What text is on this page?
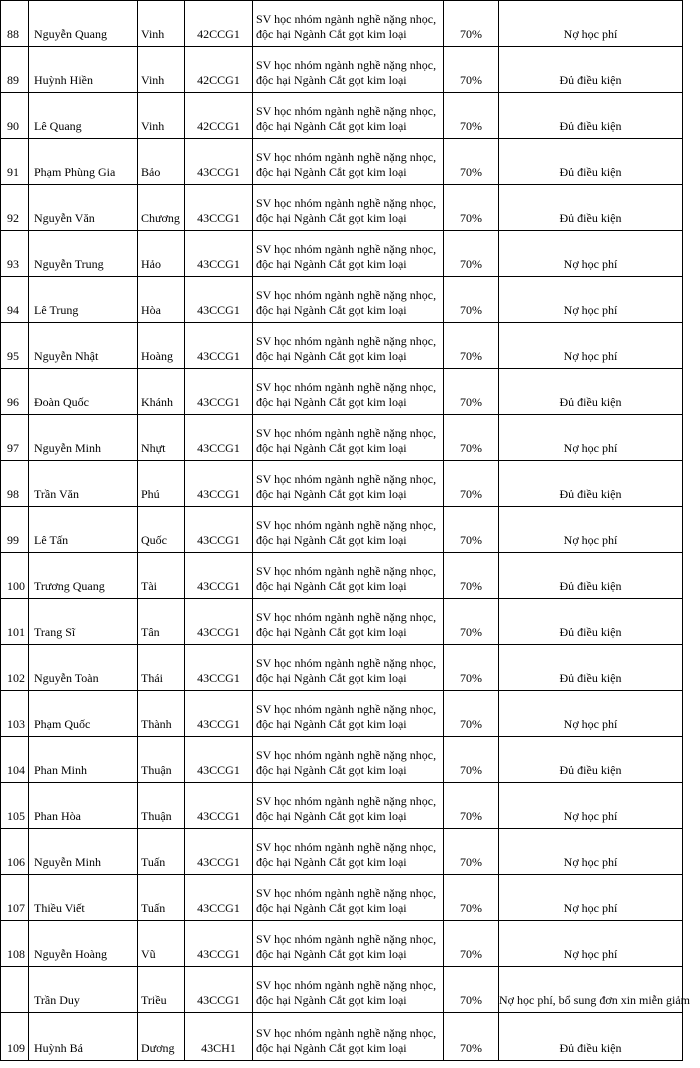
88	Nguyễn Quang	Vinh	42CCG1	SV học nhóm ngành nghề nặng nhọc,
độc hại Ngành Cắt gọt kim loại	70%	Nợ học phí
89	Huỳnh Hiền	Vinh	42CCG1	SV học nhóm ngành nghề nặng nhọc,
độc hại Ngành Cắt gọt kim loại	70%	Đủ điều kiện
90	Lê Quang	Vinh	42CCG1	SV học nhóm ngành nghề nặng nhọc,
độc hại Ngành Cắt gọt kim loại	70%	Đủ điều kiện
91	Phạm Phùng Gia	Bảo	43CCG1	SV học nhóm ngành nghề nặng nhọc,
độc hại Ngành Cắt gọt kim loại	70%	Đủ điều kiện
92	Nguyễn Văn	Chương	43CCG1	SV học nhóm ngành nghề nặng nhọc,
độc hại Ngành Cắt gọt kim loại	70%	Đủ điều kiện
93	Nguyễn Trung	Hảo	43CCG1	SV học nhóm ngành nghề nặng nhọc,
độc hại Ngành Cắt gọt kim loại	70%	Nợ học phí
94	Lê Trung	Hòa	43CCG1	SV học nhóm ngành nghề nặng nhọc,
độc hại Ngành Cắt gọt kim loại	70%	Nợ học phí
95	Nguyễn Nhật	Hoàng	43CCG1	SV học nhóm ngành nghề nặng nhọc,
độc hại Ngành Cắt gọt kim loại	70%	Nợ học phí
96	Đoàn Quốc	Khánh	43CCG1	SV học nhóm ngành nghề nặng nhọc,
độc hại Ngành Cắt gọt kim loại	70%	Đủ điều kiện
97	Nguyễn Minh	Nhựt	43CCG1	SV học nhóm ngành nghề nặng nhọc,
độc hại Ngành Cắt gọt kim loại	70%	Nợ học phí
98	Trần Văn	Phú	43CCG1	SV học nhóm ngành nghề nặng nhọc,
độc hại Ngành Cắt gọt kim loại	70%	Đủ điều kiện
99	Lê Tấn	Quốc	43CCG1	SV học nhóm ngành nghề nặng nhọc,
độc hại Ngành Cắt gọt kim loại	70%	Nợ học phí
100	Trương Quang	Tài	43CCG1	SV học nhóm ngành nghề nặng nhọc,
độc hại Ngành Cắt gọt kim loại	70%	Đủ điều kiện
101	Trang Sĩ	Tân	43CCG1	SV học nhóm ngành nghề nặng nhọc,
độc hại Ngành Cắt gọt kim loại	70%	Đủ điều kiện
102	Nguyễn Toàn	Thái	43CCG1	SV học nhóm ngành nghề nặng nhọc,
độc hại Ngành Cắt gọt kim loại	70%	Đủ điều kiện
103	Phạm Quốc	Thành	43CCG1	SV học nhóm ngành nghề nặng nhọc,
độc hại Ngành Cắt gọt kim loại	70%	Nợ học phí
104	Phan Minh	Thuận	43CCG1	SV học nhóm ngành nghề nặng nhọc,
độc hại Ngành Cắt gọt kim loại	70%	Đủ điều kiện
105	Phan Hòa	Thuận	43CCG1	SV học nhóm ngành nghề nặng nhọc,
độc hại Ngành Cắt gọt kim loại	70%	Nợ học phí
106	Nguyễn Minh	Tuấn	43CCG1	SV học nhóm ngành nghề nặng nhọc,
độc hại Ngành Cắt gọt kim loại	70%	Nợ học phí
107	Thiều Viết	Tuấn	43CCG1	SV học nhóm ngành nghề nặng nhọc,
độc hại Ngành Cắt gọt kim loại	70%	Nợ học phí
108	Nguyễn Hoàng	Vũ	43CCG1	SV học nhóm ngành nghề nặng nhọc,
độc hại Ngành Cắt gọt kim loại	70%	Nợ học phí
	Trần Duy	Triều	43CCG1	SV học nhóm ngành nghề nặng nhọc,
độc hại Ngành Cắt gọt kim loại	70%	Nợ học phí, bổ sung đơn xin miễn giảm
109	Huỳnh Bá	Dương	43CH1	SV học nhóm ngành nghề nặng nhọc,
độc hại Ngành Cắt gọt kim loại	70%	Đủ điều kiện
